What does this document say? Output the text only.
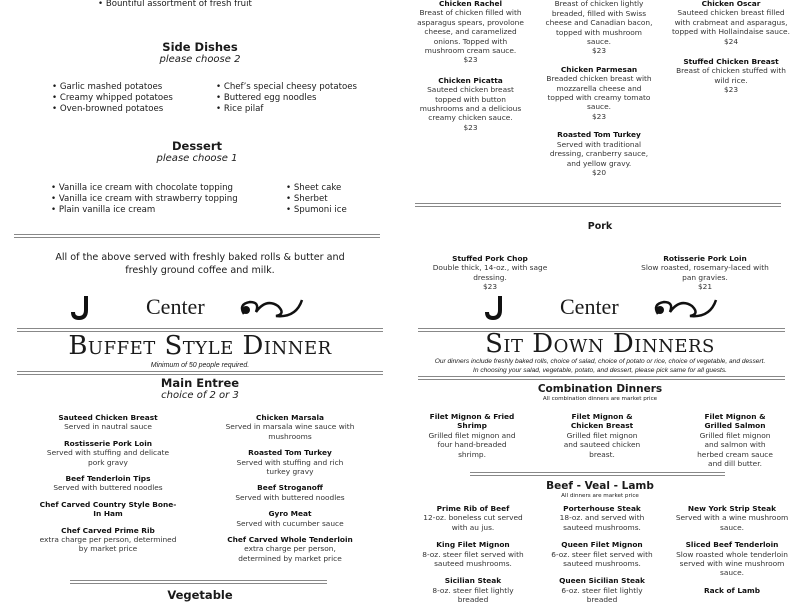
• Bountiful assortment of fresh fruit
Side Dishes
please choose 2
• Garlic mashed potatoes
• Creamy whipped potatoes
• Oven-browned potatoes
• Chef’s special cheesy potatoes
• Buttered egg noodles
• Rice pilaf
Dessert
please choose 1
• Vanilla ice cream with chocolate topping
• Vanilla ice cream with strawberry topping
• Plain vanilla ice cream
• Sheet cake
• Sherbet
• Spumoni ice
All of the above served with freshly baked rolls & butter and freshly ground coffee and milk.
Chicken Rachel
Breast of chicken filled with asparagus spears, provolone cheese, and caramelized onions. Topped with mushroom cream sauce.
$23
Chicken Picatta
Sauteed chicken breast topped with button mushrooms and a delicious creamy chicken sauce.
$23
Breast of chicken lightly breaded, filled with Swiss cheese and Canadian bacon, topped with mushroom sauce.
$23
Chicken Parmesan
Breaded chicken breast with mozzarella cheese and topped with creamy tomato sauce.
$23
Roasted Tom Turkey
Served with traditional dressing, cranberry sauce, and yellow gravy.
$20
Chicken Oscar
Sauteed chicken breast filled with crabmeat and asparagus, topped with Hollaindaise sauce.
$24
Stuffed Chicken Breast
Breast of chicken stuffed with wild rice.
$23
Pork
Stuffed Pork Chop
Double thick, 14-oz., with sage dressing.
$23
Rotisserie Pork Loin
Slow roasted, rosemary-laced with pan gravies.
$21
Center	Center
Buffet Style Dinner
Minimum of 50 people required.
Main Entree
choice of 2 or 3
Sauteed Chicken Breast
Served in nautral sauce
Rostisserie Pork Loin
Served with stuffing and delicate pork gravy
Beef Tenderloin Tips
Served with buttered noodles
Chef Carved Country Style Bone-In Ham
Chef Carved Prime Rib
extra charge per person, determined by market price
Chicken Marsala
Served in marsala wine sauce with mushrooms
Roasted Tom Turkey
Served with stuffing and rich turkey gravy
Beef Stroganoff
Served with buttered noodles
Gyro Meat
Served with cucumber sauce
Chef Carved Whole Tenderloin
extra charge per person, determined by market price
Vegetable
Sit Down Dinners
Our dinners include freshly baked rolls, choice of salad, choice of potato or rice, choice of vegetable, and dessert.
In choosing your salad, vegetable, potato, and dessert, please pick same for all guests.
Combination Dinners
All combination dinners are market price
Filet Mignon & Fried Shrimp
Grilled filet mignon and four hand-breaded shrimp.
Filet Mignon & Chicken Breast
Grilled filet mignon and sauteed chicken breast.
Filet Mignon & Grilled Salmon
Grilled filet mignon and salmon with herbed cream sauce and dill butter.
Beef - Veal - Lamb
All dinners are market price
Prime Rib of Beef
12-oz. boneless cut served with au jus.
King Filet Mignon
8-oz. steer filet served with sauteed mushrooms.
Sicilian Steak
8-oz. steer filet lightly breaded
Porterhouse Steak
18-oz. and served with sauteed mushrooms.
Queen Filet Mignon
6-oz. steer filet served with sauteed mushrooms.
Queen Sicilian Steak
6-oz. steer filet lightly breaded
New York Strip Steak
Served with a wine mushroom sauce.
Sliced Beef Tenderloin
Slow roasted whole tenderloin served with wine mushroom sauce.
Rack of Lamb
